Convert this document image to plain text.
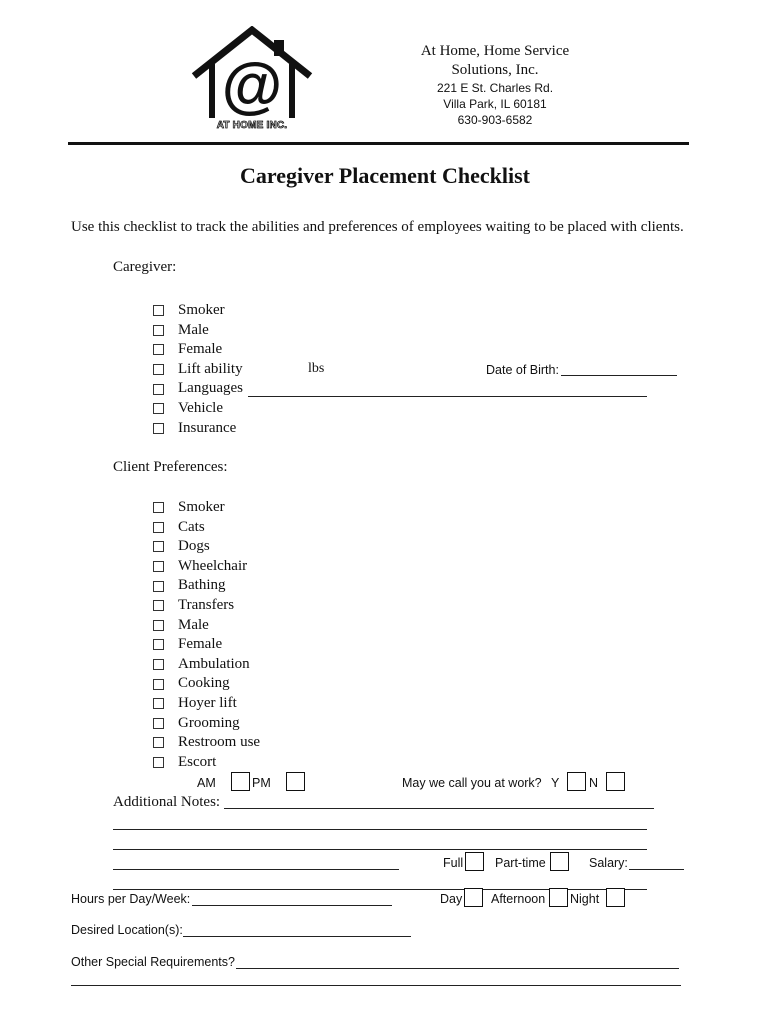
@
AT HOME INC.
At Home, Home Service
Solutions, Inc.
221 E St. Charles Rd.
Villa Park, IL 60181
630-903-6582
Caregiver Placement Checklist
Use this checklist to track the abilities and preferences of employees waiting to be placed with clients.
Caregiver:
Smoker
Male
Female
Lift ability
Languages
Vehicle
Insurance
lbs	Date of Birth:
Client Preferences:
Smoker
Cats
Dogs
Wheelchair
Bathing
Transfers
Male
Female
Ambulation
Cooking
Hoyer lift
Grooming
Restroom use
Escort
AM	PM	May we call you at work? Y N
Additional Notes:
Full	Part-time	Salary:
Hours per Day/Week:	Day Afternoon Night
Desired Location(s):
Other Special Requirements?
